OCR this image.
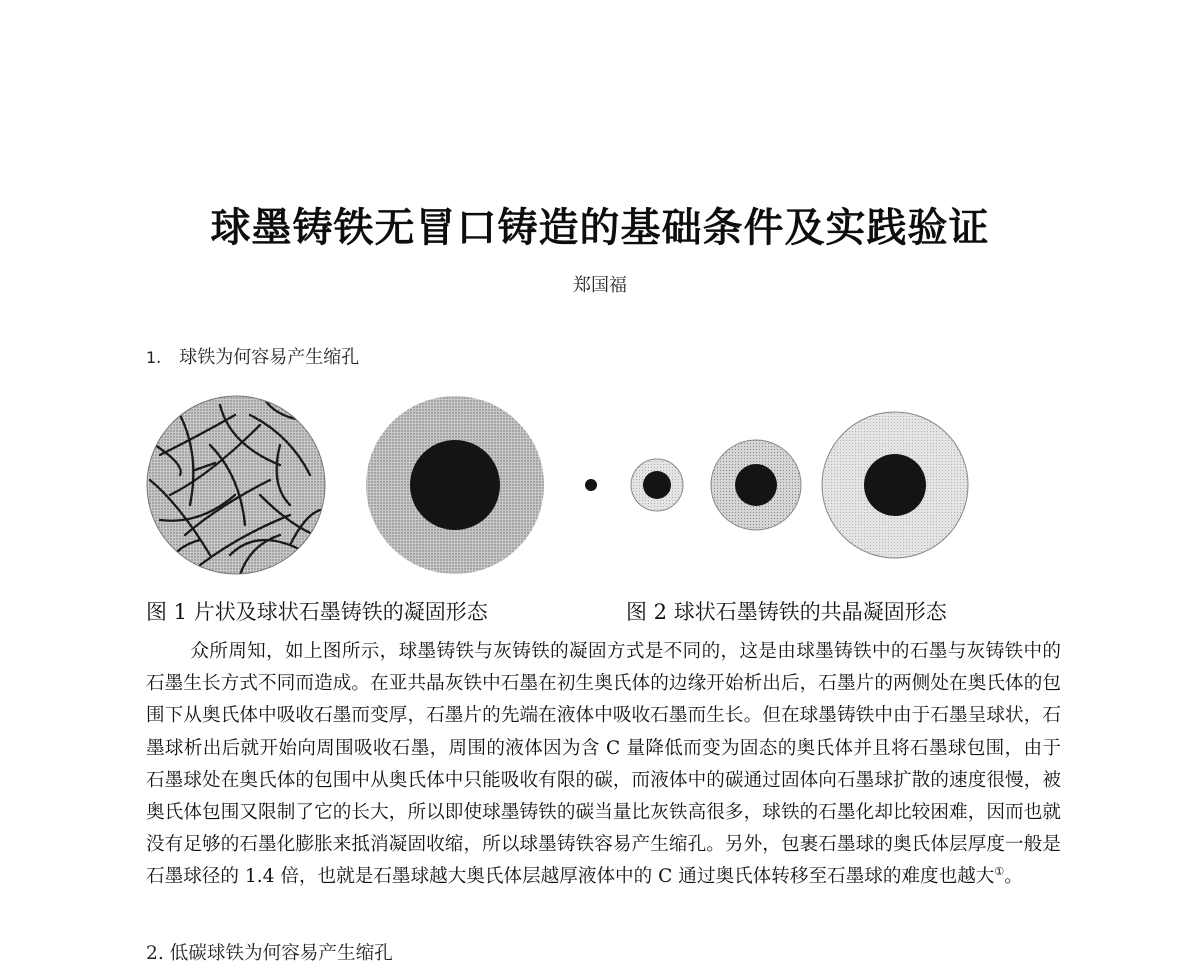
球墨铸铁无冒口铸造的基础条件及实践验证
郑国福
1. 球铁为何容易产生缩孔
图 1 片状及球状石墨铸铁的凝固形态	图 2 球状石墨铸铁的共晶凝固形态

众所周知，如上图所示，球墨铸铁与灰铸铁的凝固方式是不同的，这是由球墨铸铁中的石墨与灰铸铁中的石墨生长方式不同而造成。在亚共晶灰铁中石墨在初生奥氏体的边缘开始析出后，石墨片的两侧处在奥氏体的包围下从奥氏体中吸收石墨而变厚，石墨片的先端在液体中吸收石墨而生长。但在球墨铸铁中由于石墨呈球状，石墨球析出后就开始向周围吸收石墨，周围的液体因为含 C 量降低而变为固态的奥氏体并且将石墨球包围，由于石墨球处在奥氏体的包围中从奥氏体中只能吸收有限的碳，而液体中的碳通过固体向石墨球扩散的速度很慢，被奥氏体包围又限制了它的长大，所以即使球墨铸铁的碳当量比灰铁高很多，球铁的石墨化却比较困难，因而也就没有足够的石墨化膨胀来抵消凝固收缩，所以球墨铸铁容易产生缩孔。另外，包裹石墨球的奥氏体层厚度一般是石墨球径的 1.4 倍，也就是石墨球越大奥氏体层越厚液体中的 C 通过奥氏体转移至石墨球的难度也越大①。

2. 低碳球铁为何容易产生缩孔
